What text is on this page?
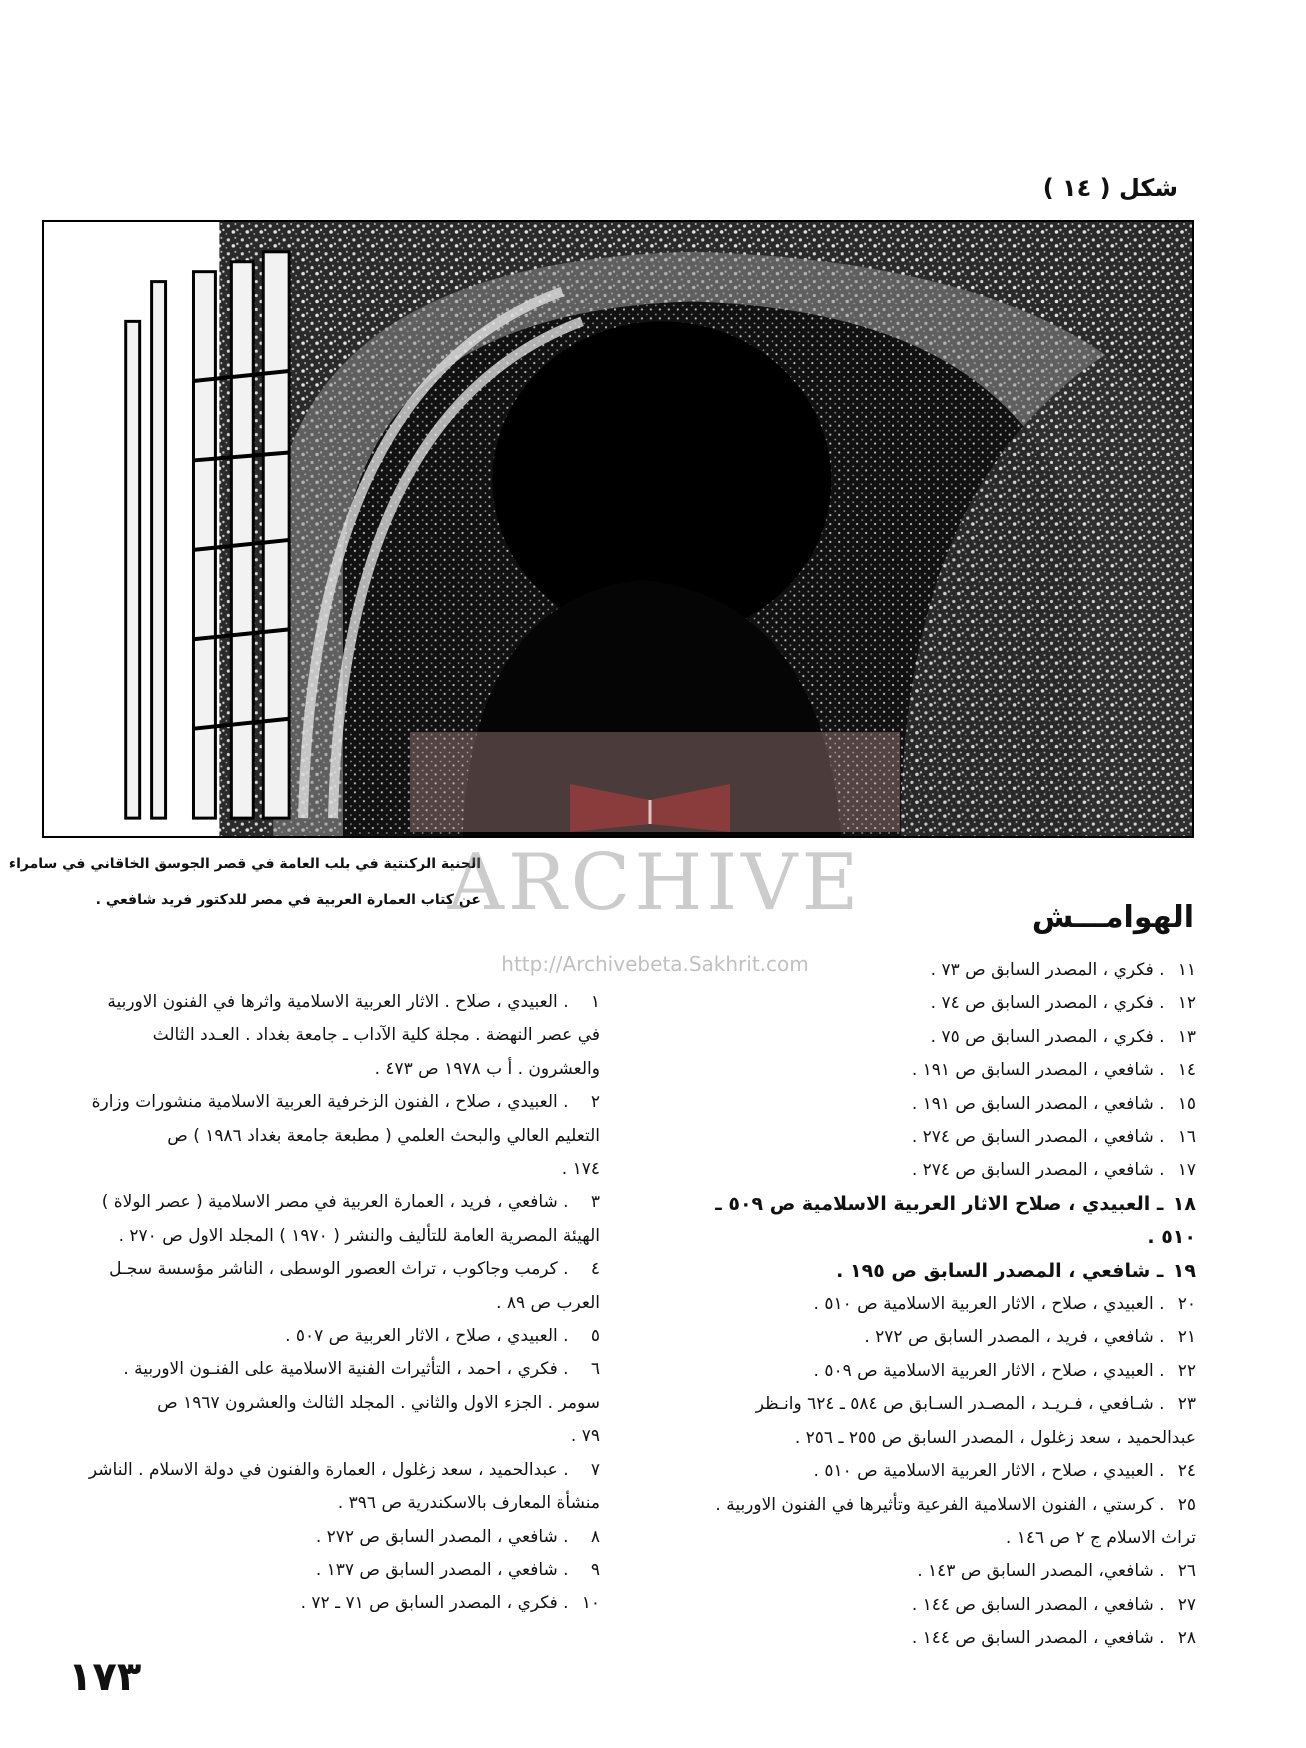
شكل ( ١٤ )
الحنية الركنتية في بلب العامة في قصر الجوسق الخاقاني في سامراء
عن كتاب العمارة العربية في مصر للدكتور فريد شافعي .	الهوامـــش
ARCHIVE
http://Archivebeta.Sakhrit.com	١١ . فكري ، المصدر السابق ص ٧٣ .

١٢ . فكري ، المصدر السابق ص ٧٤ .

١٣ . فكري ، المصدر السابق ص ٧٥ .

١٤ . شافعي ، المصدر السابق ص ١٩١ .

١٥ . شافعي ، المصدر السابق ص ١٩١ .

١٦ . شافعي ، المصدر السابق ص ٢٧٤ .

١٧ . شافعي ، المصدر السابق ص ٢٧٤ .

١٨ ـ العبيدي ، صلاح الاثار العربية الاسلامية ص ٥٠٩ ـ ٥١٠ .

١٩ ـ شافعي ، المصدر السابق ص ١٩٥ .

٢٠ . العبيدي ، صلاح ، الاثار العربية الاسلامية ص ٥١٠ .

٢١ . شافعي ، فريد ، المصدر السابق ص ٢٧٢ .

٢٢ . العبيدي ، صلاح ، الاثار العربية الاسلامية ص ٥٠٩ .

٢٣ . شـافعي ، فـريـد ، المصـدر السـابق ص ٥٨٤ ـ ٦٢٤ وانـظر

عبدالحميد ، سعد زغلول ، المصدر السابق ص ٢٥٥ ـ ٢٥٦ .

٢٤ . العبيدي ، صلاح ، الاثار العربية الاسلامية ص ٥١٠ .

٢٥ . كرستي ، الفنون الاسلامية الفرعية وتأثيرها في الفنون الاوربية .

تراث الاسلام ج ٢ ص ١٤٦ .

٢٦ . شافعي، المصدر السابق ص ١٤٣ .

٢٧ . شافعي ، المصدر السابق ص ١٤٤ .

٢٨ . شافعي ، المصدر السابق ص ١٤٤ .

١ . العبيدي ، صلاح . الاثار العربية الاسلامية واثرها في الفنون الاوربية

في عصر النهضة . مجلة كلية الآداب ـ جامعة بغداد . العـدد الثالث

والعشرون . أ ب ١٩٧٨ ص ٤٧٣ .

٢ . العبيدي ، صلاح ، الفنون الزخرفية العربية الاسلامية منشورات وزارة

التعليم العالي والبحث العلمي ( مطبعة جامعة بغداد ١٩٨٦ ) ص

١٧٤ .

٣ . شافعي ، فريد ، العمارة العربية في مصر الاسلامية ( عصر الولاة )

الهيئة المصرية العامة للتأليف والنشر ( ١٩٧٠ ) المجلد الاول ص ٢٧٠ .

٤ . كرمب وجاكوب ، تراث العصور الوسطى ، الناشر مؤسسة سجـل

العرب ص ٨٩ .

٥ . العبيدي ، صلاح ، الاثار العربية ص ٥٠٧ .

٦ . فكري ، احمد ، التأثيرات الفنية الاسلامية على الفنـون الاوربية .

سومر . الجزء الاول والثاني . المجلد الثالث والعشرون ١٩٦٧ ص

٧٩ .

٧ . عبدالحميد ، سعد زغلول ، العمارة والفنون في دولة الاسلام . الناشر

منشأة المعارف بالاسكندرية ص ٣٩٦ .

٨ . شافعي ، المصدر السابق ص ٢٧٢ .

٩ . شافعي ، المصدر السابق ص ١٣٧ .

١٠ . فكري ، المصدر السابق ص ٧١ ـ ٧٢ .

١٧٣
